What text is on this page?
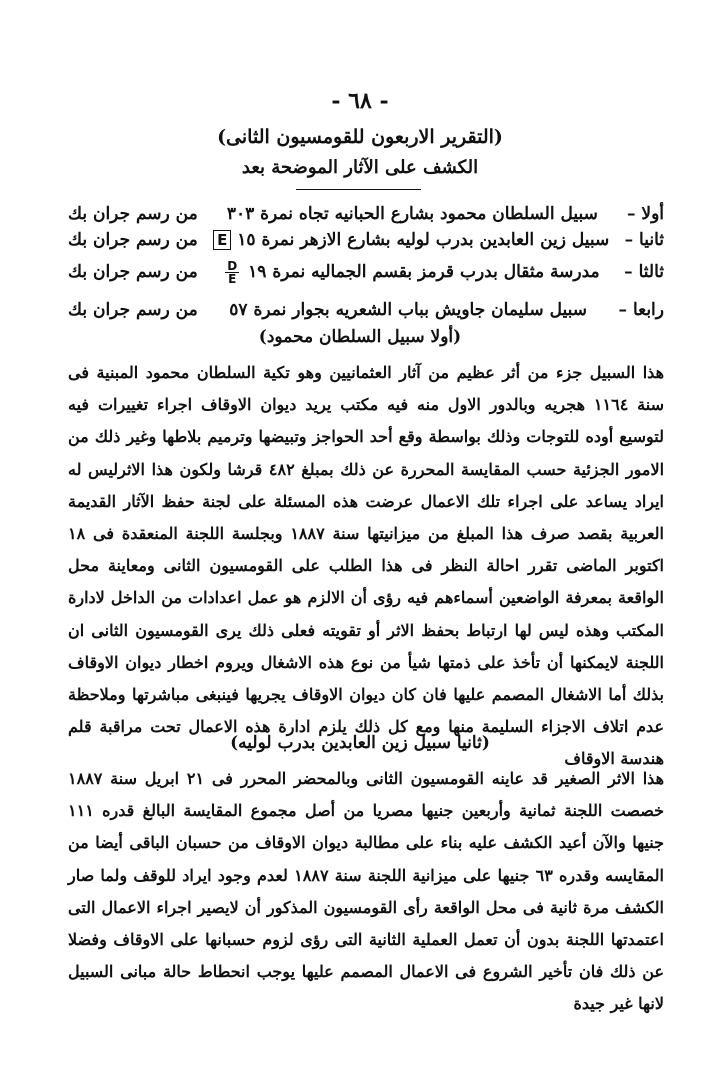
- ٦٨ -
(التقرير الاربعون للقومسيون الثانى)
الكشف على الآثار الموضحة بعد
أولا –
سبيل السلطان محمود بشارع الحبانيه تجاه نمرة ٣٠٣
من رسم جران بك
ثانيا –
سبيل زين العابدين بدرب لوليه بشارع الازهر نمرة ١٥ E
من رسم جران بك
ثالثا –
مدرسة مثقال بدرب قرمز بقسم الجماليه نمرة ١٩
$\frac{D}{E}$
من رسم جران بك
رابعا –
سبيل سليمان جاويش بباب الشعريه بجوار نمرة ٥٧
من رسم جران بك
(أولا سبيل السلطان محمود)
هذا السبيل جزء من أثر عظيم من آثار العثمانيين وهو تكية السلطان محمود المبنية فى سنة ١١٦٤ هجريه وبالدور الاول منه فيه مكتب يريد ديوان الاوقاف اجراء تغييرات فيه لتوسيع أوده للتوجات وذلك بواسطة وقع أحد الحواجز وتبيضها وترميم بلاطها وغير ذلك من الامور الجزئية حسب المقايسة المحررة عن ذلك بمبلغ ٤٨٢ قرشا ولكون هذا الاثرليس له ايراد يساعد على اجراء تلك الاعمال عرضت هذه المسئلة على لجنة حفظ الآثار القديمة العربية بقصد صرف هذا المبلغ من ميزانيتها سنة ١٨٨٧ وبجلسة اللجنة المنعقدة فى ١٨ اكتوبر الماضى تقرر احالة النظر فى هذا الطلب على القومسيون الثانى ومعاينة محل الواقعة بمعرفة الواضعين أسماءهم فيه رؤى أن الالزم هو عمل اعدادات من الداخل لادارة المكتب وهذه ليس لها ارتباط بحفظ الاثر أو تقويته فعلى ذلك يرى القومسيون الثانى ان اللجنة لايمكنها أن تأخذ على ذمتها شيأ من نوع هذه الاشغال ويروم اخطار ديوان الاوقاف بذلك أما الاشغال المصمم عليها فان كان ديوان الاوقاف يجريها فينبغى مباشرتها وملاحظة عدم اتلاف الاجزاء السليمة منها ومع كل ذلك يلزم ادارة هذه الاعمال تحت مراقبة قلم هندسة الاوقاف
(ثانيا سبيل زين العابدين بدرب لوليه)
هذا الاثر الصغير قد عاينه القومسيون الثانى وبالمحضر المحرر فى ٢١ ابريل سنة ١٨٨٧ خصصت اللجنة ثمانية وأربعين جنيها مصريا من أصل مجموع المقايسة البالغ قدره ١١١ جنيها والآن أعيد الكشف عليه بناء على مطالبة ديوان الاوقاف من حسبان الباقى أيضا من المقايسه وقدره ٦٣ جنيها على ميزانية اللجنة سنة ١٨٨٧ لعدم وجود ايراد للوقف ولما صار الكشف مرة ثانية فى محل الواقعة رأى القومسيون المذكور أن لايصير اجراء الاعمال التى اعتمدتها اللجنة بدون أن تعمل العملية الثانية التى رؤى لزوم حسبانها على الاوقاف وفضلا عن ذلك فان تأخير الشروع فى الاعمال المصمم عليها يوجب انحطاط حالة مبانى السبيل لانها غير جيدة
